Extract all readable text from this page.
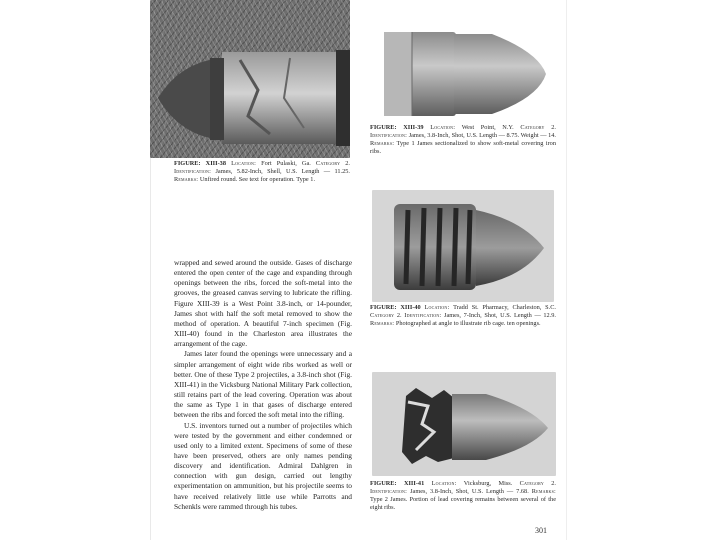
FIGURE: XIII-38 Location: Fort Pulaski, Ga. Category 2. Identification: James, 5.82-Inch, Shell, U.S. Length — 11.25. Remarks: Unfired round. See text for operation. Type 1.
FIGURE: XIII-39 Location: West Point, N.Y. Category 2. Identification: James, 3.8-Inch, Shot, U.S. Length — 8.75. Weight — 14. Remarks: Type 1 James sectionalized to show soft-metal covering iron ribs.
FIGURE: XIII-40 Location: Tradd St. Pharmacy, Charleston, S.C. Category 2. Identification: James, 7-Inch, Shot, U.S. Length — 12.9. Remarks: Photographed at angle to illustrate rib cage. ten openings.
FIGURE: XIII-41 Location: Vicksburg, Miss. Category 2. Identification: James, 3.8-Inch, Shot, U.S. Length — 7.68. Remarks: Type 2 James. Portion of lead covering remains between several of the eight ribs.

wrapped and sewed around the outside. Gases of discharge entered the open center of the cage and expanding through openings between the ribs, forced the soft-metal into the grooves, the greased canvas serving to lubricate the rifling. Figure XIII-39 is a West Point 3.8-inch, or 14-pounder, James shot with half the soft metal removed to show the method of operation. A beautiful 7-inch specimen (Fig. XIII-40) found in the Charleston area illustrates the arrangement of the cage.

James later found the openings were unnecessary and a simpler arrangement of eight wide ribs worked as well or better. One of these Type 2 projectiles, a 3.8-inch shot (Fig. XIII-41) in the Vicksburg National Military Park collection, still retains part of the lead covering. Operation was about the same as Type 1 in that gases of discharge entered between the ribs and forced the soft metal into the rifling.

U.S. inventors turned out a number of projectiles which were tested by the government and either condemned or used only to a limited extent. Specimens of some of these have been preserved, others are only names pending discovery and identification. Admiral Dahlgren in connection with gun design, carried out lengthy experimentation on ammunition, but his projectile seems to have received relatively little use while Parrotts and Schenkls were rammed through his tubes.

301
